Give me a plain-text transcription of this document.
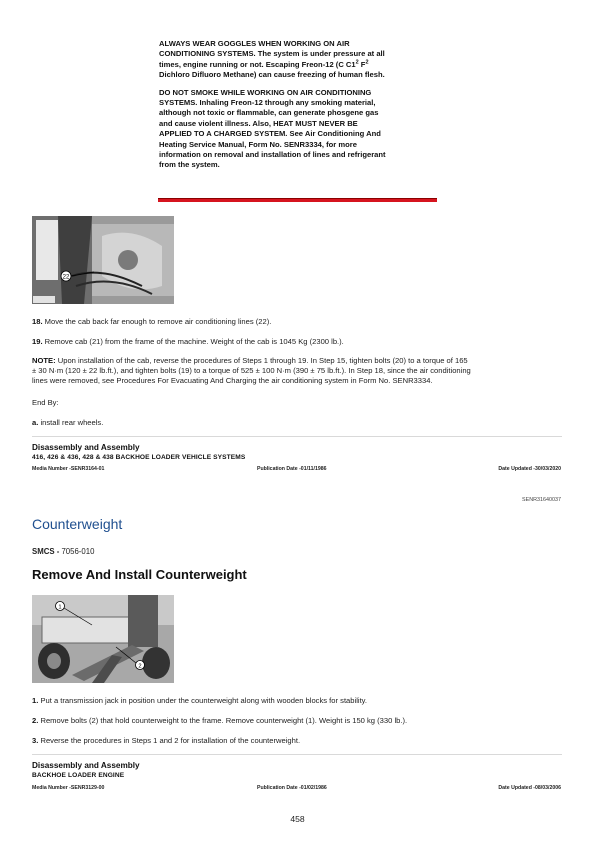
ALWAYS WEAR GOGGLES WHEN WORKING ON AIR
CONDITIONING SYSTEMS. The system is under pressure at all
times, engine running or not. Escaping Freon-12 (C $C1^2$ $F^2$
Dichloro Difluoro Methane) can cause freezing of human flesh.

DO NOT SMOKE WHILE WORKING ON AIR CONDITIONING
SYSTEMS. Inhaling Freon-12 through any smoking material,
although not toxic or flammable, can generate phosgene gas
and cause violent illness. Also, HEAT MUST NEVER BE
APPLIED TO A CHARGED SYSTEM. See Air Conditioning And
Heating Service Manual, Form No. SENR3334, for more
information on removal and installation of lines and refrigerant
from the system.

22
18. Move the cab back far enough to remove air conditioning lines (22).
19. Remove cab (21) from the frame of the machine. Weight of the cab is 1045 Kg (2300 lb.).
NOTE: Upon installation of the cab, reverse the procedures of Steps 1 through 19. In Step 15, tighten bolts (20) to a torque of 165
± 30 N·m (120 ± 22 lb.ft.), and tighten bolts (19) to a torque of 525 ± 100 N·m (390 ± 75 lb.ft.). In Step 18, since the air conditioning
lines were removed, see Procedures For Evacuating And Charging the air conditioning system in Form No. SENR3334.
End By:
a. install rear wheels.
Disassembly and Assembly
416, 426 & 436, 428 & 438 BACKHOE LOADER VEHICLE SYSTEMS
Media Number -SENR3164-01	Publication Date -01/11/1986	Date Updated -30/03/2020
SENR31640037
Counterweight
SMCS - 7056-010
Remove And Install Counterweight
1
2
1. Put a transmission jack in position under the counterweight along with wooden blocks for stability.
2. Remove bolts (2) that hold counterweight to the frame. Remove counterweight (1). Weight is 150 kg (330 lb.).
3. Reverse the procedures in Steps 1 and 2 for installation of the counterweight.
Disassembly and Assembly
BACKHOE LOADER ENGINE
Media Number -SENR3129-00	Publication Date -01/02/1986	Date Updated -08/03/2006
458
